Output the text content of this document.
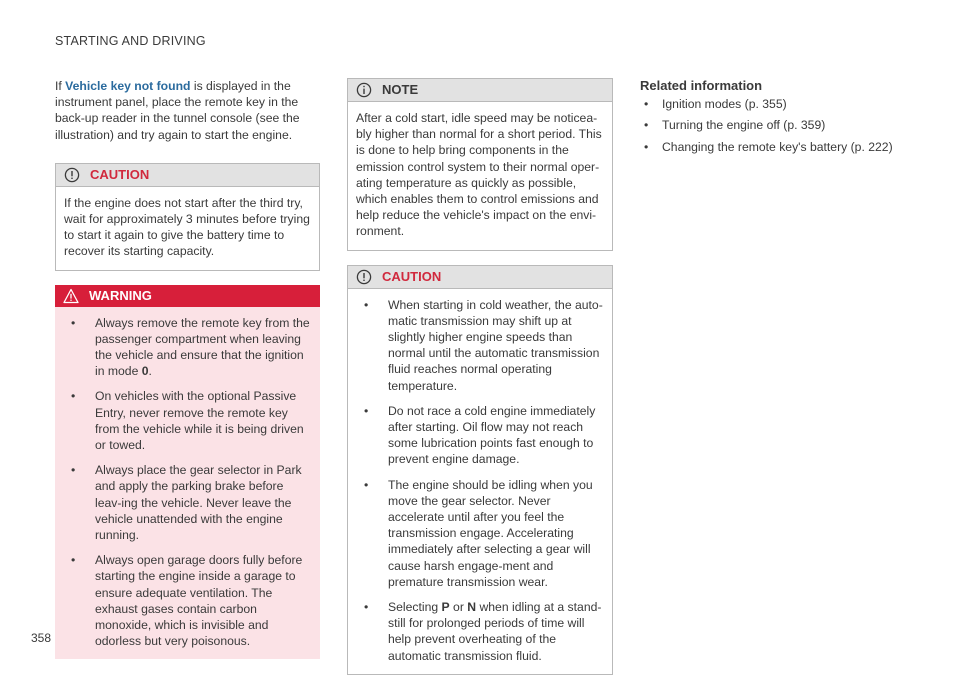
STARTING AND DRIVING

If Vehicle key not found is displayed in the instrument panel, place the remote key in the back-up reader in the tunnel console (see the illustration) and try again to start the engine.

CAUTION

If the engine does not start after the third try, wait for approximately 3 minutes before trying to start it again to give the battery time to recover its starting capacity.

WARNING
• Always remove the remote key from the passenger compartment when leaving the vehicle and ensure that the ignition in mode 0.
• On vehicles with the optional Passive Entry, never remove the remote key from the vehicle while it is being driven or towed.
• Always place the gear selector in Park and apply the parking brake before leav-ing the vehicle. Never leave the vehicle unattended with the engine running.
• Always open garage doors fully before starting the engine inside a garage to ensure adequate ventilation. The exhaust gases contain carbon monoxide, which is invisible and odorless but very poisonous.
NOTE

After a cold start, idle speed may be noticea-bly higher than normal for a short period. This is done to help bring components in the emission control system to their normal oper-ating temperature as quickly as possible, which enables them to control emissions and help reduce the vehicle's impact on the envi-ronment.

CAUTION
• When starting in cold weather, the auto-matic transmission may shift up at slightly higher engine speeds than normal until the automatic transmission fluid reaches normal operating temperature.
• Do not race a cold engine immediately after starting. Oil flow may not reach some lubrication points fast enough to prevent engine damage.
• The engine should be idling when you move the gear selector. Never accelerate until after you feel the transmission engage. Accelerating immediately after selecting a gear will cause harsh engage-ment and premature transmission wear.
• Selecting P or N when idling at a stand-still for prolonged periods of time will help prevent overheating of the automatic transmission fluid.
Related information
• Ignition modes (p. 355)
• Turning the engine off (p. 359)
• Changing the remote key's battery (p. 222)
358
